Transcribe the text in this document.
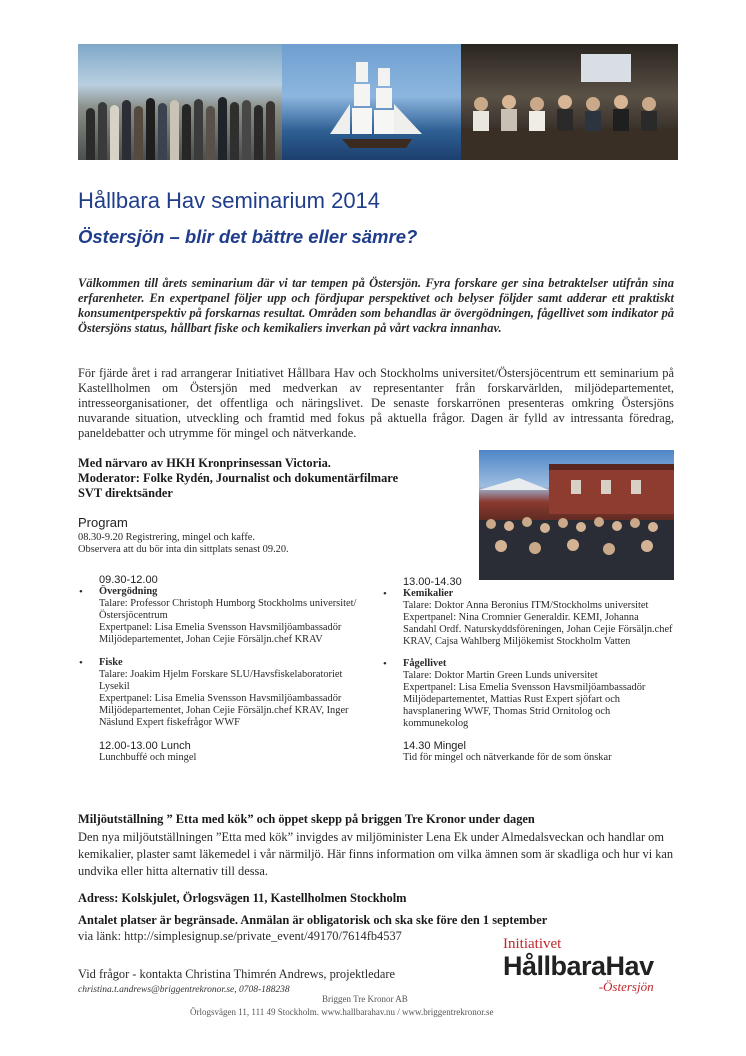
Hållbara Hav seminarium 2014
Östersjön – blir det bättre eller sämre?
Välkommen till årets seminarium där vi tar tempen på Östersjön. Fyra forskare ger sina betraktelser utifrån sina erfarenheter. En expertpanel följer upp och fördjupar perspektivet och belyser följder samt adderar ett praktiskt konsumentperspektiv på forskarnas resultat. Områden som behandlas är övergödningen, fågellivet som indikator på Östersjöns status, hållbart fiske och kemikaliers inverkan på vårt vackra innanhav.
För fjärde året i rad arrangerar Initiativet Hållbara Hav och Stockholms universitet/Östersjöcentrum ett seminarium på Kastellholmen om Östersjön med medverkan av representanter från forskarvärlden, miljödepartementet, intresseorganisationer, det offentliga och näringslivet. De senaste forskarrönen presenteras omkring Östersjöns nuvarande situation, utveckling och framtid med fokus på aktuella frågor. Dagen är fylld av intressanta föredrag, paneldebatter och utrymme för mingel och nätverkande.
Med närvaro av HKH Kronprinsessan Victoria.
Moderator: Folke Rydén, Journalist och dokumentärfilmare
SVT direktsänder
Program
08.30-9.20 Registrering, mingel och kaffe.
Observera att du bör inta din sittplats senast 09.20.
09.30-12.00
• Övergödning
Talare: Professor Christoph Humborg Stockholms universitet/Östersjöcentrum
Expertpanel: Lisa Emelia Svensson Havsmiljöambassadör Miljödepartementet, Johan Cejie Försäljn.chef KRAV
• Fiske
Talare: Joakim Hjelm Forskare SLU/Havsfiskelaboratoriet Lysekil
Expertpanel: Lisa Emelia Svensson Havsmiljöambassadör Miljödepartementet, Johan Cejie Försäljn.chef KRAV, Inger Näslund Expert fiskefrågor WWF
12.00-13.00 Lunch
Lunchbuffé och mingel
13.00-14.30
• Kemikalier
Talare: Doktor Anna Beronius ITM/Stockholms universitet
Expertpanel: Nina Cromnier Generaldir. KEMI, Johanna Sandahl Ordf. Naturskyddsföreningen, Johan Cejie Försäljn.chef KRAV, Cajsa Wahlberg Miljökemist Stockholm Vatten
• Fågellivet
Talare: Doktor Martin Green Lunds universitet
Expertpanel: Lisa Emelia Svensson Havsmiljöambassadör Miljödepartementet, Mattias Rust Expert sjöfart och havsplanering WWF, Thomas Strid Ornitolog och kommunekolog
14.30 Mingel
Tid för mingel och nätverkande för de som önskar
Miljöutställning ” Etta med kök” och öppet skepp på briggen Tre Kronor under dagen
Den nya miljöutställningen ”Etta med kök” invigdes av miljöminister Lena Ek under Almedalsveckan och handlar om kemikalier, plaster samt läkemedel i vår närmiljö. Här finns information om vilka ämnen som är skadliga och hur vi kan undvika eller hitta alternativ till dessa.
Adress: Kolskjulet, Örlogsvägen 11, Kastellholmen Stockholm
Antalet platser är begränsade. Anmälan är obligatorisk och ska ske före den 1 september
via länk: http://simplesignup.se/private_event/49170/7614fb4537
Vid frågor - kontakta Christina Thimrén Andrews, projektledare
christina.t.andrews@briggentrekronor.se, 0708-188238
Briggen Tre Kronor AB
Örlogsvägen 11, 111 49 Stockholm. www.hallbarahav.nu / www.briggentrekronor.se
Initiativet
HållbaraHav
-Östersjön
